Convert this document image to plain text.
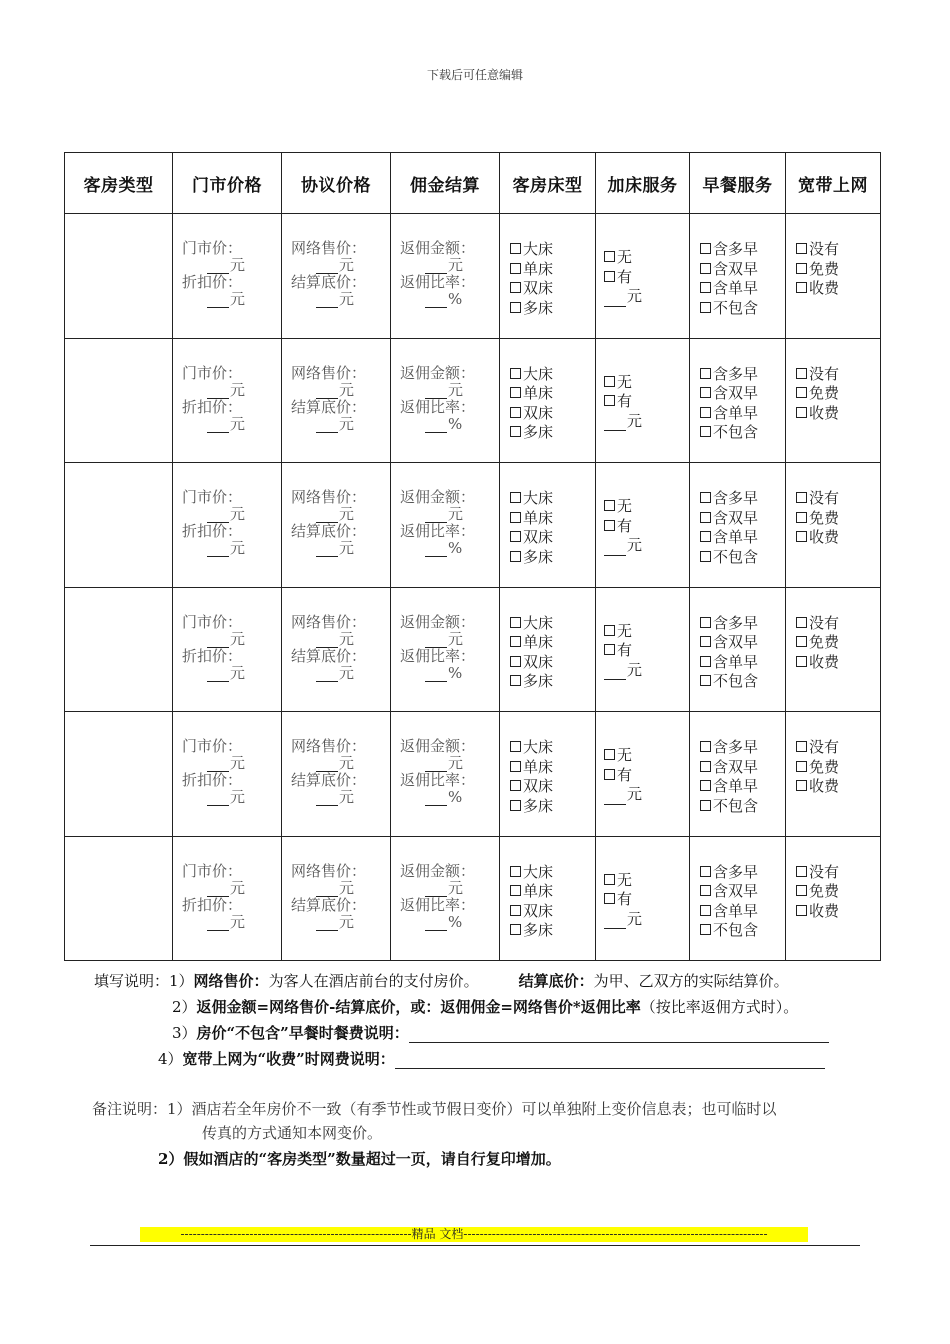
下载后可任意编辑
客房类型	门市价格	协议价格	佣金结算	客房床型	加床服务	早餐服务	宽带上网

	门市价：
元
折扣价：
元	网络售价：
元
结算底价：
元	返佣金额：
元
返佣比率：
%	大床
单床
双床
多床	无
有
元	含多早
含双早
含单早
不包含	没有
免费
收费

	门市价：
元
折扣价：
元	网络售价：
元
结算底价：
元	返佣金额：
元
返佣比率：
%	大床
单床
双床
多床	无
有
元	含多早
含双早
含单早
不包含	没有
免费
收费

	门市价：
元
折扣价：
元	网络售价：
元
结算底价：
元	返佣金额：
元
返佣比率：
%	大床
单床
双床
多床	无
有
元	含多早
含双早
含单早
不包含	没有
免费
收费

	门市价：
元
折扣价：
元	网络售价：
元
结算底价：
元	返佣金额：
元
返佣比率：
%	大床
单床
双床
多床	无
有
元	含多早
含双早
含单早
不包含	没有
免费
收费

	门市价：
元
折扣价：
元	网络售价：
元
结算底价：
元	返佣金额：
元
返佣比率：
%	大床
单床
双床
多床	无
有
元	含多早
含双早
含单早
不包含	没有
免费
收费

	门市价：
元
折扣价：
元	网络售价：
元
结算底价：
元	返佣金额：
元
返佣比率：
%	大床
单床
双床
多床	无
有
元	含多早
含双早
含单早
不包含	没有
免费
收费
填写说明：1）网络售价：为客人在酒店前台的支付房价。	结算底价：为甲、乙双方的实际结算价。
2）返佣金额=网络售价-结算底价，或：返佣佣金=网络售价*返佣比率（按比率返佣方式时）。
3）房价“不包含”早餐时餐费说明：
4）宽带上网为“收费”时网费说明：
备注说明：1）酒店若全年房价不一致（有季节性或节假日变价）可以单独附上变价信息表；也可临时以
传真的方式通知本网变价。
2）假如酒店的“客房类型”数量超过一页，请自行复印增加。
---------------------------------------------------------精品 文档---------------------------------------------------------------------------
